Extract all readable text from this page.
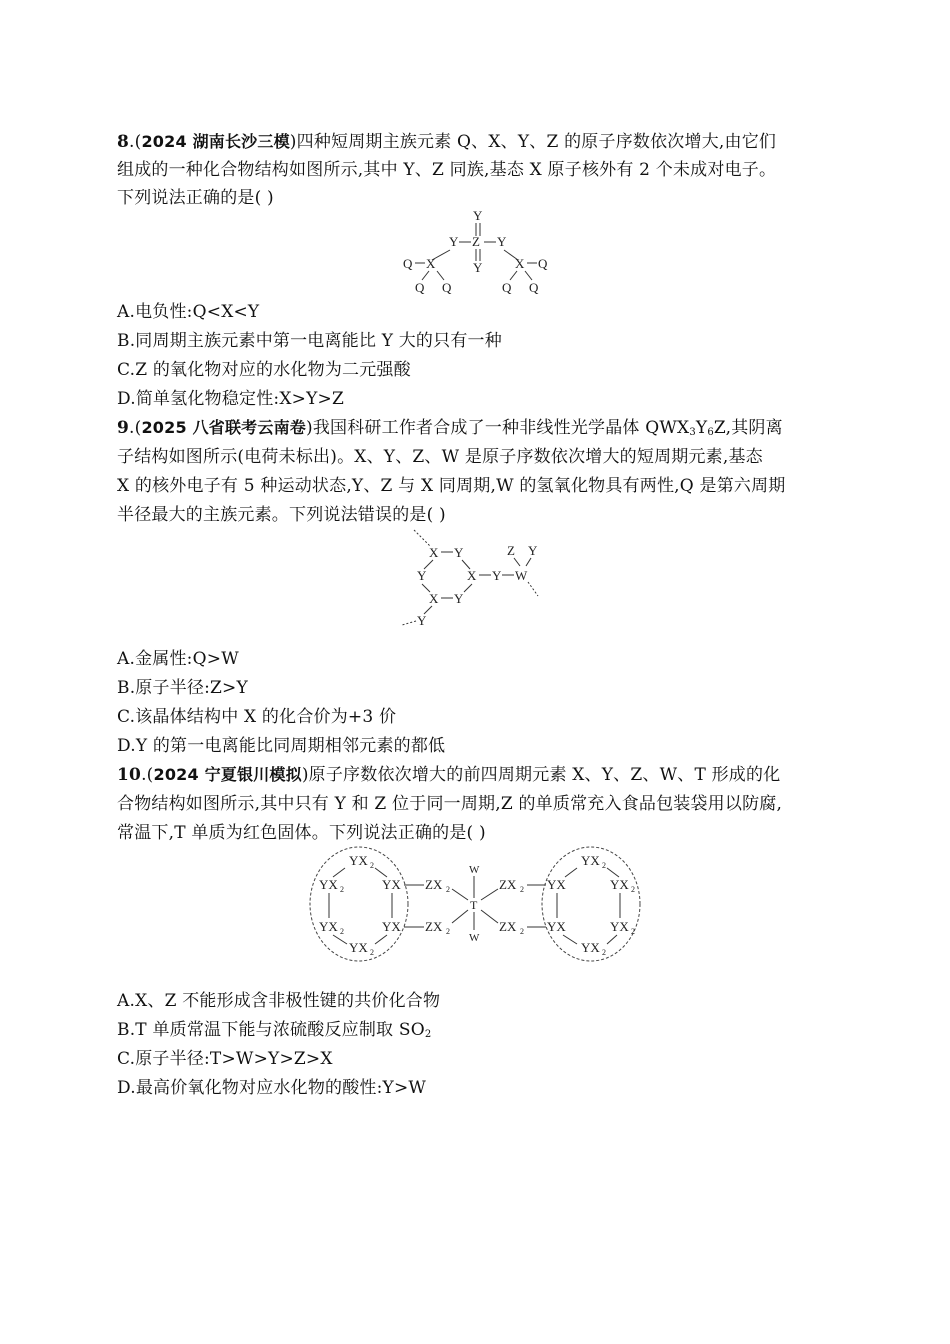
8.(2024 湖南长沙三模)四种短周期主族元素 Q、X、Y、Z 的原子序数依次增大,由它们
组成的一种化合物结构如图所示,其中 Y、Z 同族,基态 X 原子核外有 2 个未成对电子。
下列说法正确的是( )
Y
Y Z Y
Y
Q X
Q Q
X Q
Q Q
A.电负性:Q<X<Y
B.同周期主族元素中第一电离能比 Y 大的只有一种
C.Z 的氧化物对应的水化物为二元强酸
D.简单氢化物稳定性:X>Y>Z
9.(2025 八省联考云南卷)我国科研工作者合成了一种非线性光学晶体 $QWX_3Y_6Z$,其阴离
子结构如图所示(电荷未标出)。X、Y、Z、W 是原子序数依次增大的短周期元素,基态
X 的核外电子有 5 种运动状态,Y、Z 与 X 同周期,W 的氢氧化物具有两性,Q 是第六周期
半径最大的主族元素。下列说法错误的是( )
X Y
Y	X Y W
Z Y
X Y
Y
A.金属性:Q>W
B.原子半径:Z>Y
C.该晶体结构中 X 的化合价为+3 价
D.Y 的第一电离能比同周期相邻元素的都低
10.(2024 宁夏银川模拟)原子序数依次增大的前四周期元素 X、Y、Z、W、T 形成的化
合物结构如图所示,其中只有 Y 和 Z 位于同一周期,Z 的单质常充入食品包装袋用以防腐,
常温下,T 单质为红色固体。下列说法正确的是( )
YX 2
YX 2	YX
YX 2	YX
YX 2
ZX 2
ZX 2
W
T
W
ZX 2
ZX 2
YX 2
YX	YX 2
YX	YX 2
YX 2
A.X、Z 不能形成含非极性键的共价化合物
B.T 单质常温下能与浓硫酸反应制取 $SO_2$
C.原子半径:T>W>Y>Z>X
D.最高价氧化物对应水化物的酸性:Y>W
